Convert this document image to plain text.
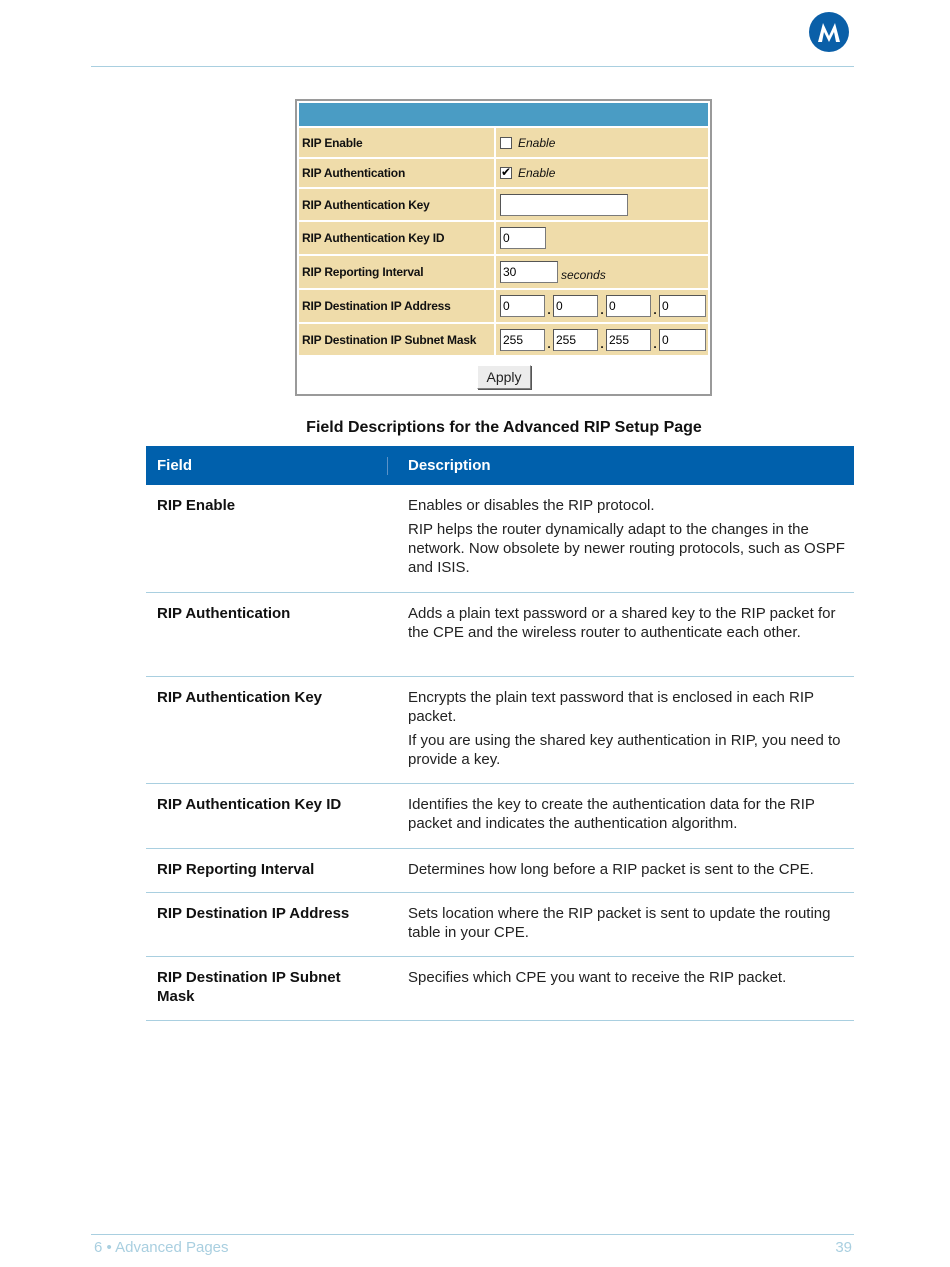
RIP Enable	Enable
RIP Authentication
✔	Enable
RIP Authentication Key
RIP Authentication Key ID	0
RIP Reporting Interval	30	seconds
RIP Destination IP Address	0	. 0	. 0	. 0
RIP Destination IP Subnet Mask	255	. 255	. 255	. 0
Apply
Field Descriptions for the Advanced RIP Setup Page
Field	Description
RIP Enable	Enables or disables the RIP protocol.

RIP helps the router dynamically adapt to the changes in the network. Now obsolete by newer routing protocols, such as OSPF and ISIS.

RIP Authentication	Adds a plain text password or a shared key to the RIP packet for the CPE and the wireless router to authenticate each other.

RIP Authentication Key	Encrypts the plain text password that is enclosed in each RIP packet.

If you are using the shared key authentication in RIP, you need to provide a key.

RIP Authentication Key ID	Identifies the key to create the authentication data for the RIP packet and indicates the authentication algorithm.

RIP Reporting Interval	Determines how long before a RIP packet is sent to the CPE.

RIP Destination IP Address	Sets location where the RIP packet is sent to update the routing table in your CPE.

RIP Destination IP Subnet Mask

Specifies which CPE you want to receive the RIP packet.

6 • Advanced Pages	39
